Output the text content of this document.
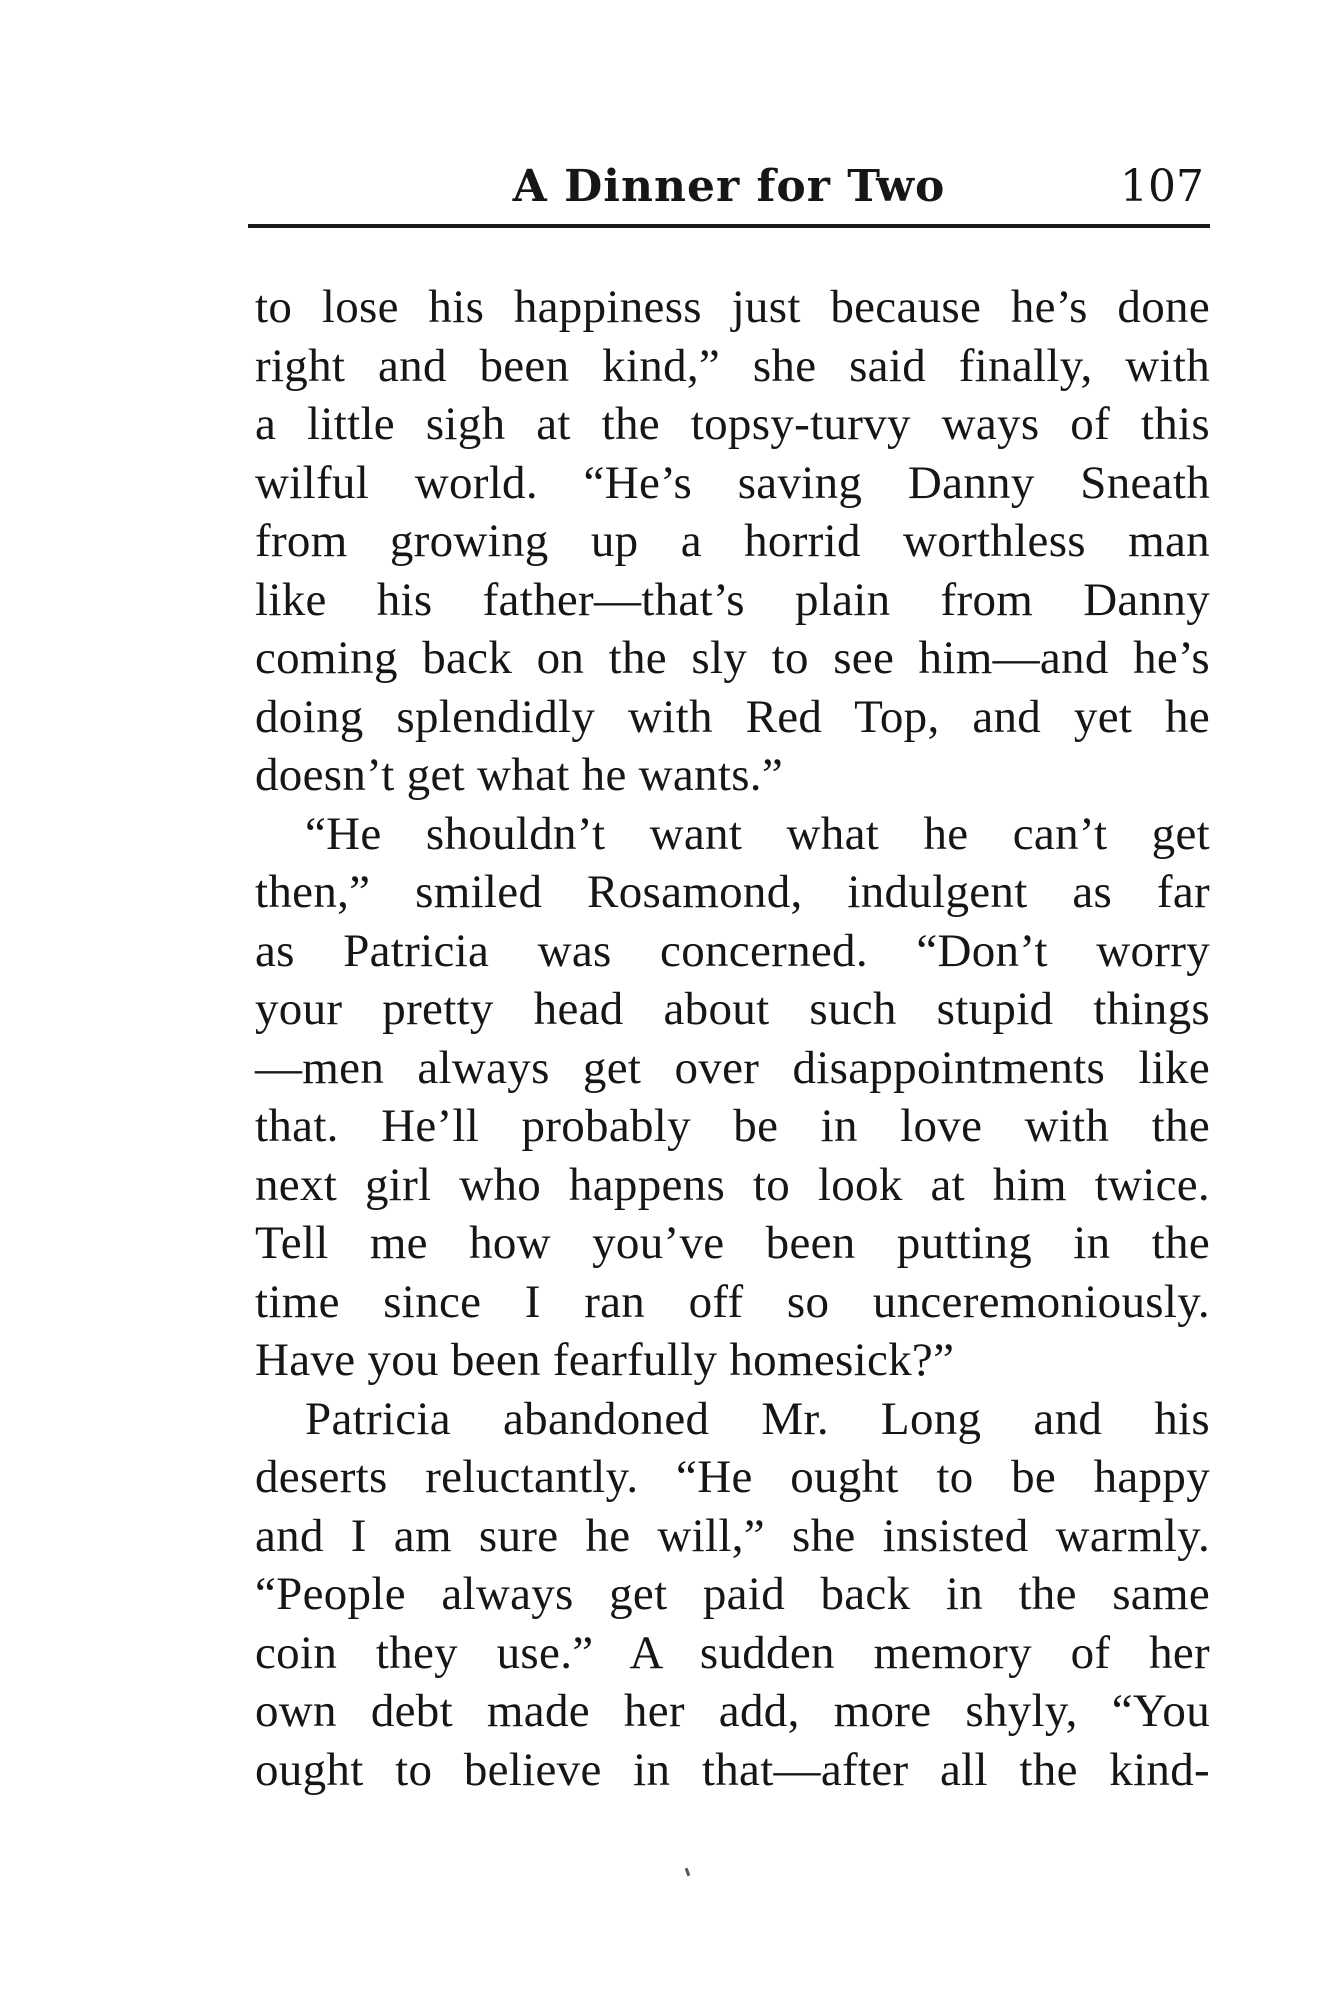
A Dinner for Two	107
to lose his happiness just because he’s done
right and been kind,” she said finally, with
a little sigh at the topsy-turvy ways of this
wilful world. “He’s saving Danny Sneath
from growing up a horrid worthless man
like his father—that’s plain from Danny
coming back on the sly to see him—and he’s
doing splendidly with Red Top, and yet he
doesn’t get what he wants.”
“He shouldn’t want what he can’t get
then,” smiled Rosamond, indulgent as far
as Patricia was concerned. “Don’t worry
your pretty head about such stupid things
—men always get over disappointments like
that. He’ll probably be in love with the
next girl who happens to look at him twice.
Tell me how you’ve been putting in the
time since I ran off so unceremoniously.
Have you been fearfully homesick?”
Patricia abandoned Mr. Long and his
deserts reluctantly. “He ought to be happy
and I am sure he will,” she insisted warmly.
“People always get paid back in the same
coin they use.” A sudden memory of her
own debt made her add, more shyly, “You
ought to believe in that—after all the kind-
